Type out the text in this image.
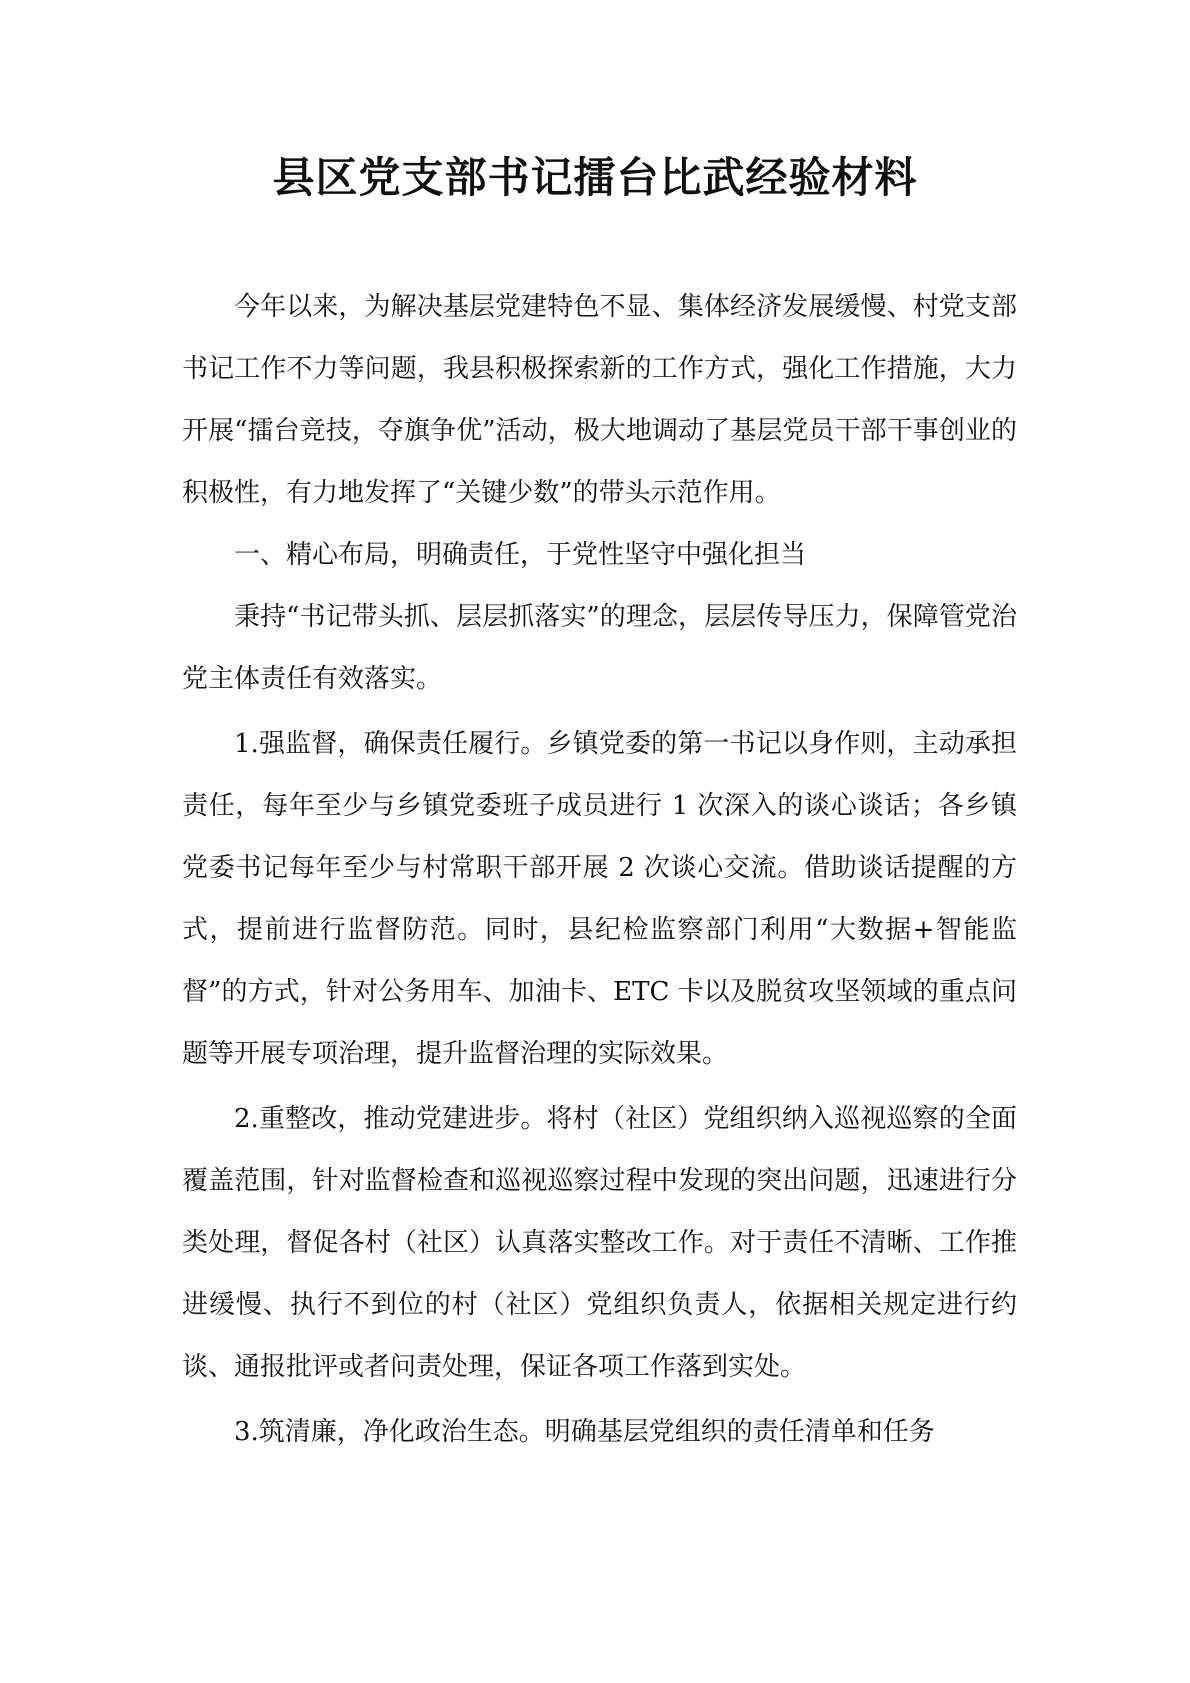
县区党支部书记擂台比武经验材料

今年以来，为解决基层党建特色不显、集体经济发展缓慢、村党支部书记工作不力等问题，我县积极探索新的工作方式，强化工作措施，大力开展“擂台竞技，夺旗争优”活动，极大地调动了基层党员干部干事创业的积极性，有力地发挥了“关键少数”的带头示范作用。

一、精心布局，明确责任，于党性坚守中强化担当

秉持“书记带头抓、层层抓落实”的理念，层层传导压力，保障管党治党主体责任有效落实。

1.强监督，确保责任履行。乡镇党委的第一书记以身作则，主动承担责任，每年至少与乡镇党委班子成员进行 1 次深入的谈心谈话；各乡镇党委书记每年至少与村常职干部开展 2 次谈心交流。借助谈话提醒的方式，提前进行监督防范。同时，县纪检监察部门利用“大数据+智能监督”的方式，针对公务用车、加油卡、ETC 卡以及脱贫攻坚领域的重点问题等开展专项治理，提升监督治理的实际效果。

2.重整改，推动党建进步。将村（社区）党组织纳入巡视巡察的全面覆盖范围，针对监督检查和巡视巡察过程中发现的突出问题，迅速进行分类处理，督促各村（社区）认真落实整改工作。对于责任不清晰、工作推进缓慢、执行不到位的村（社区）党组织负责人，依据相关规定进行约谈、通报批评或者问责处理，保证各项工作落到实处。

3.筑清廉，净化政治生态。明确基层党组织的责任清单和任务
